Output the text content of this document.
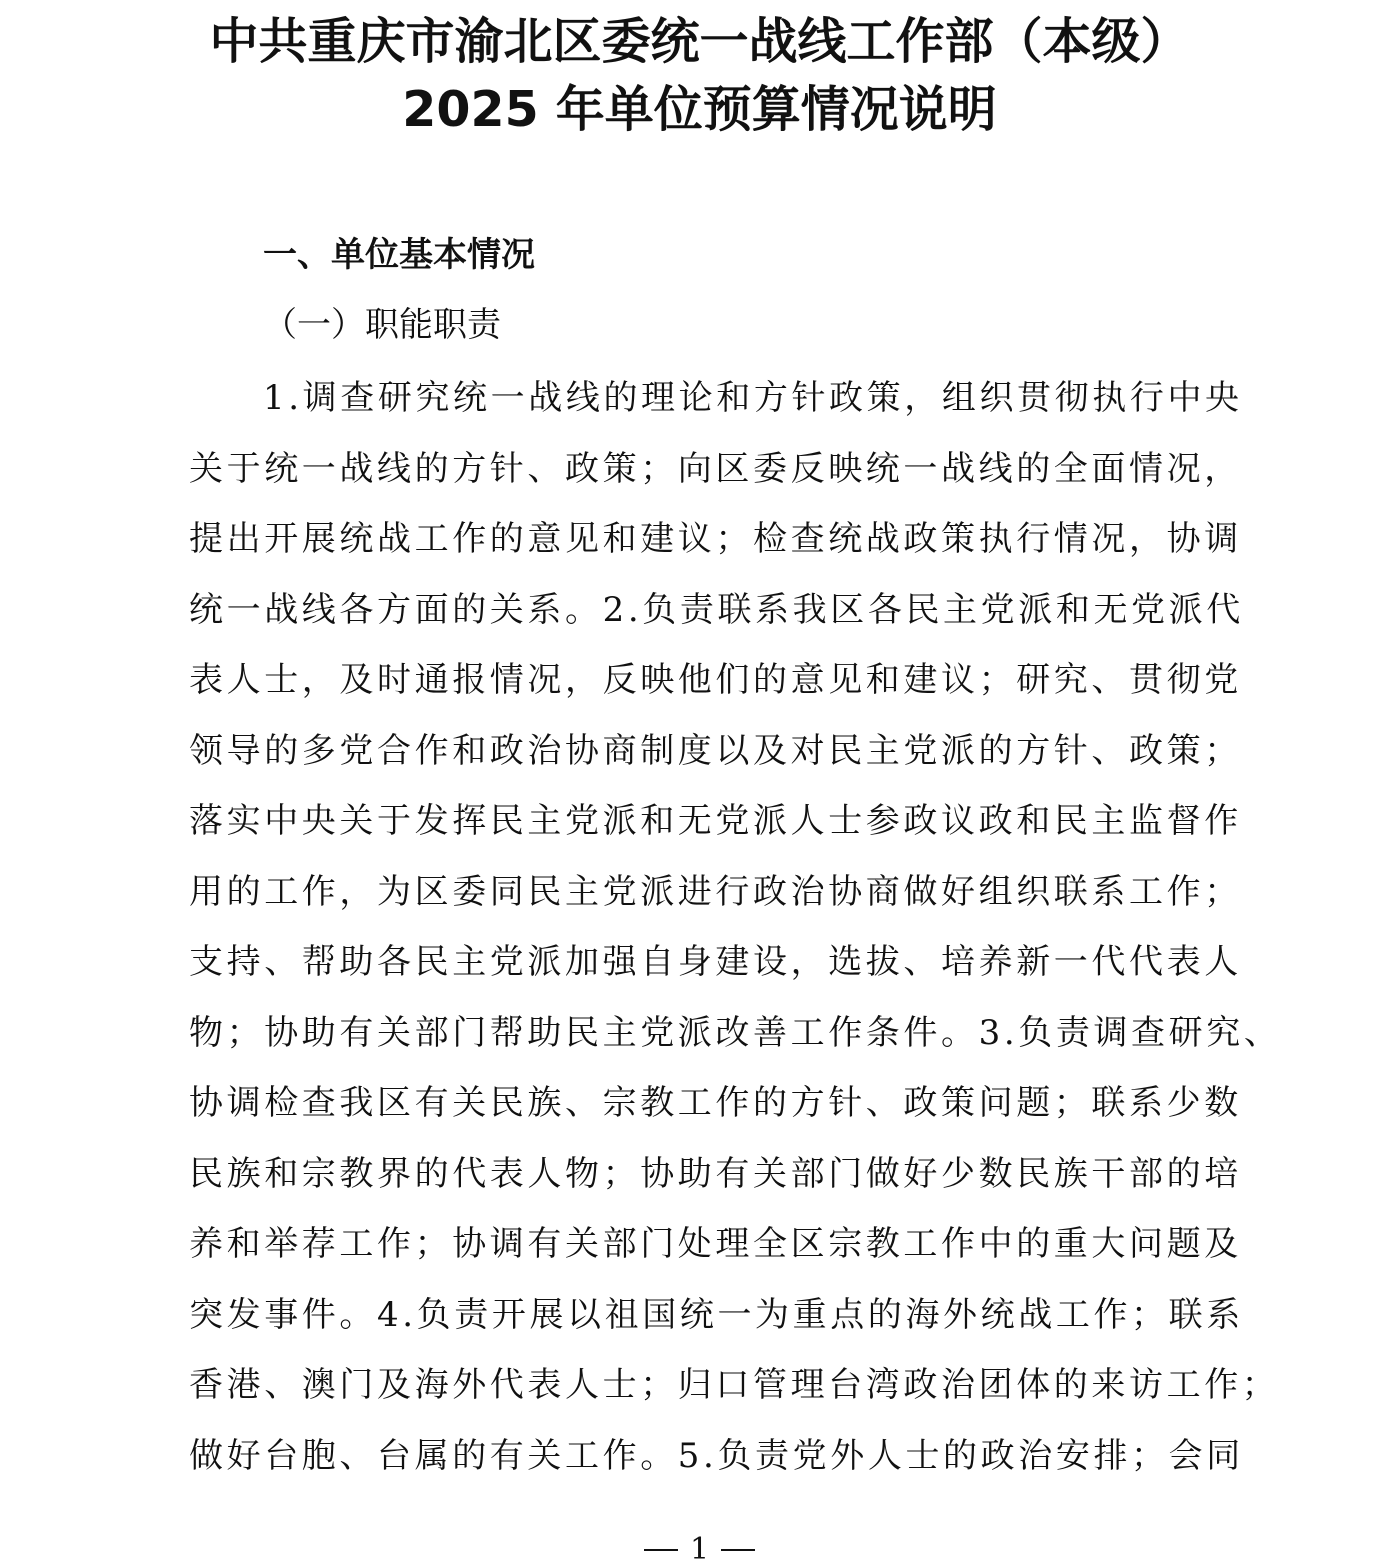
中共重庆市渝北区委统一战线工作部（本级）
2025 年单位预算情况说明
一、单位基本情况
（一）职能职责
1.调查研究统一战线的理论和方针政策，组织贯彻执行中央
关于统一战线的方针、政策；向区委反映统一战线的全面情况，
提出开展统战工作的意见和建议；检查统战政策执行情况，协调
统一战线各方面的关系。2.负责联系我区各民主党派和无党派代
表人士，及时通报情况，反映他们的意见和建议；研究、贯彻党
领导的多党合作和政治协商制度以及对民主党派的方针、政策；
落实中央关于发挥民主党派和无党派人士参政议政和民主监督作
用的工作，为区委同民主党派进行政治协商做好组织联系工作；
支持、帮助各民主党派加强自身建设，选拔、培养新一代代表人
物；协助有关部门帮助民主党派改善工作条件。3.负责调查研究、
协调检查我区有关民族、宗教工作的方针、政策问题；联系少数
民族和宗教界的代表人物；协助有关部门做好少数民族干部的培
养和举荐工作；协调有关部门处理全区宗教工作中的重大问题及
突发事件。4.负责开展以祖国统一为重点的海外统战工作；联系
香港、澳门及海外代表人士；归口管理台湾政治团体的来访工作；
做好台胞、台属的有关工作。5.负责党外人士的政治安排；会同
1
